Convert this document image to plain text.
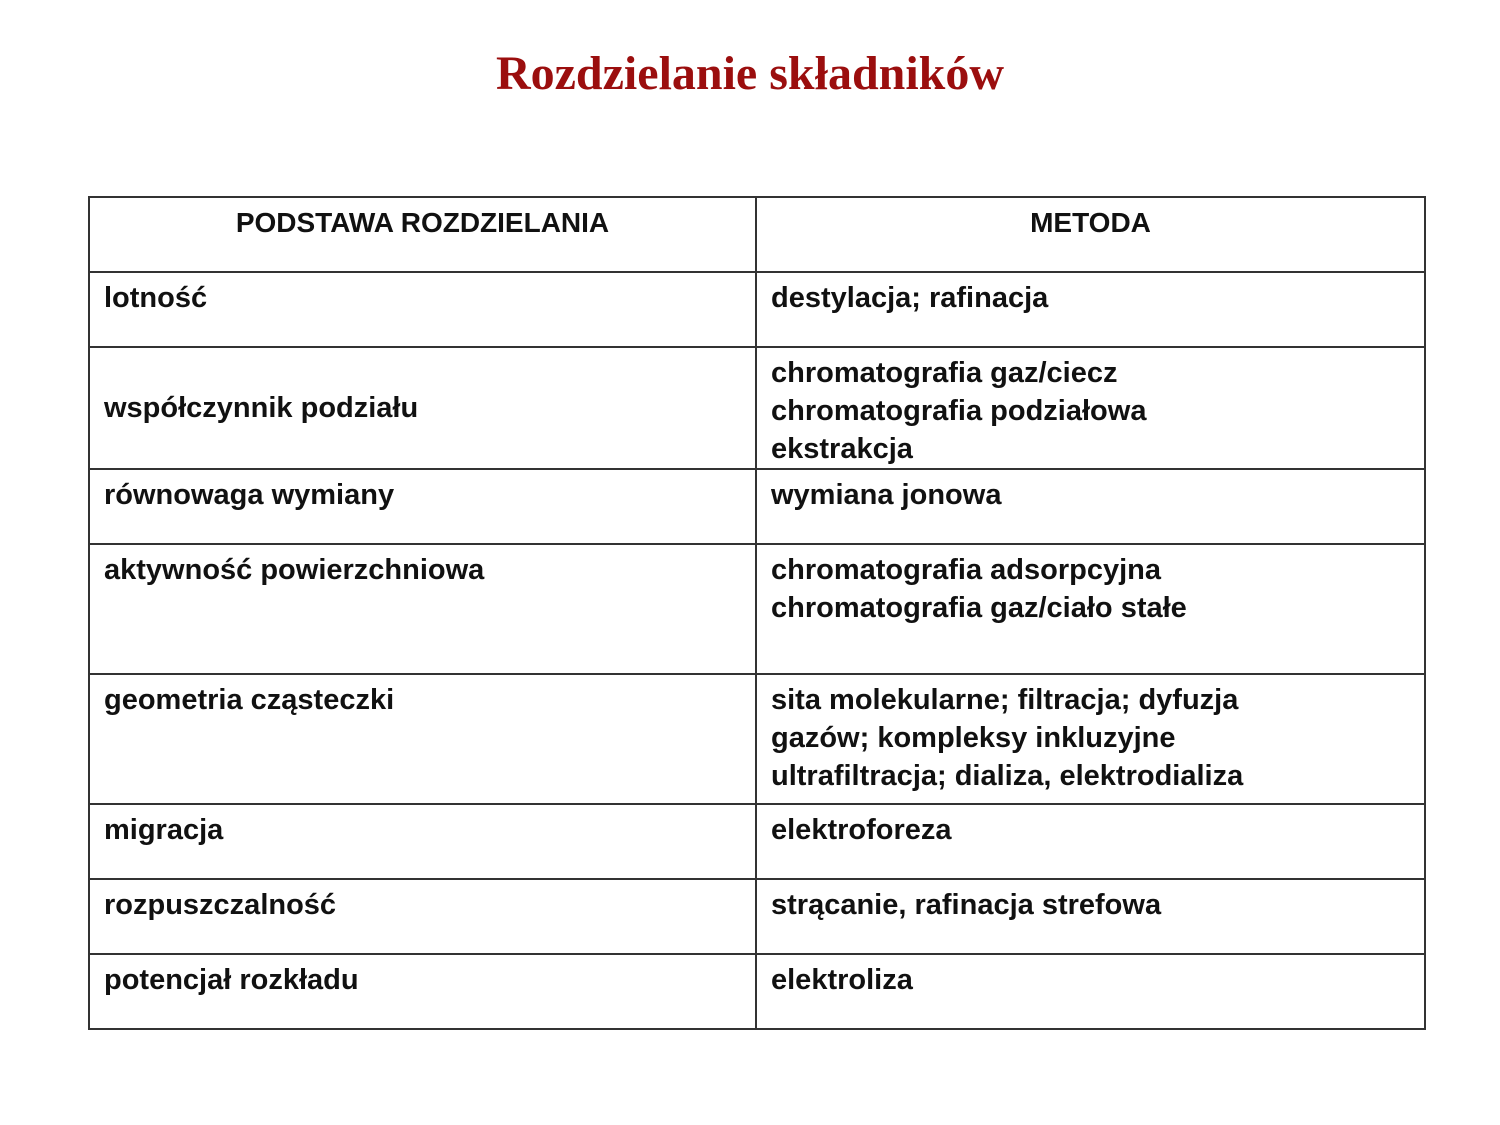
Rozdzielanie składników
PODSTAWA ROZDZIELANIA	METODA
lotność	destylacja; rafinacja

współczynnik podziału	chromatografia gaz/ciecz
chromatografia podziałowa
ekstrakcja

równowaga wymiany	wymiana jonowa

aktywność powierzchniowa	chromatografia adsorpcyjna
chromatografia gaz/ciało stałe

geometria cząsteczki	sita molekularne; filtracja; dyfuzja
gazów; kompleksy inkluzyjne
ultrafiltracja; dializa, elektrodializa

migracja	elektroforeza

rozpuszczalność	strącanie, rafinacja strefowa

potencjał rozkładu	elektroliza
